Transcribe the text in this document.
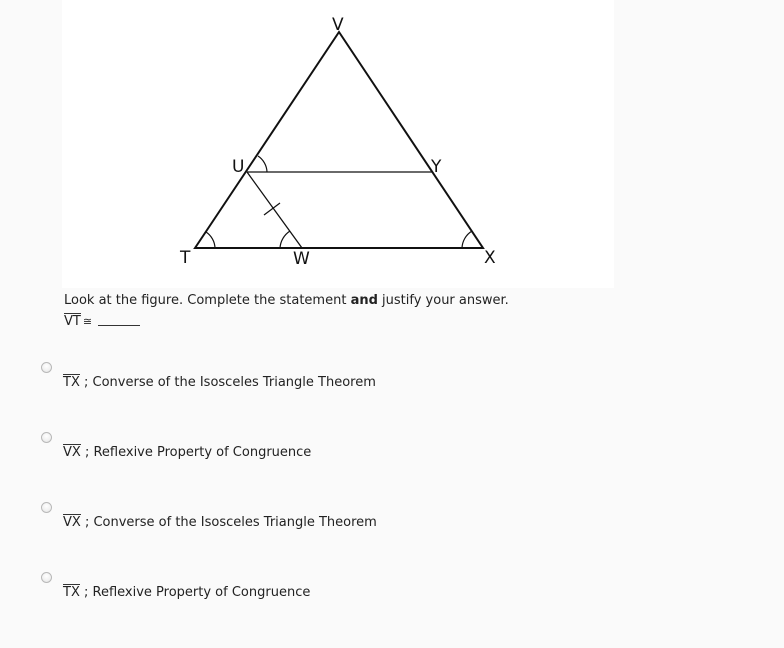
V
U	Y
T	W	X
Look at the figure. Complete the statement and justify your answer.
VT ≅
TX ; Converse of the Isosceles Triangle Theorem
VX ; Reflexive Property of Congruence
VX ; Converse of the Isosceles Triangle Theorem
TX ; Reflexive Property of Congruence
